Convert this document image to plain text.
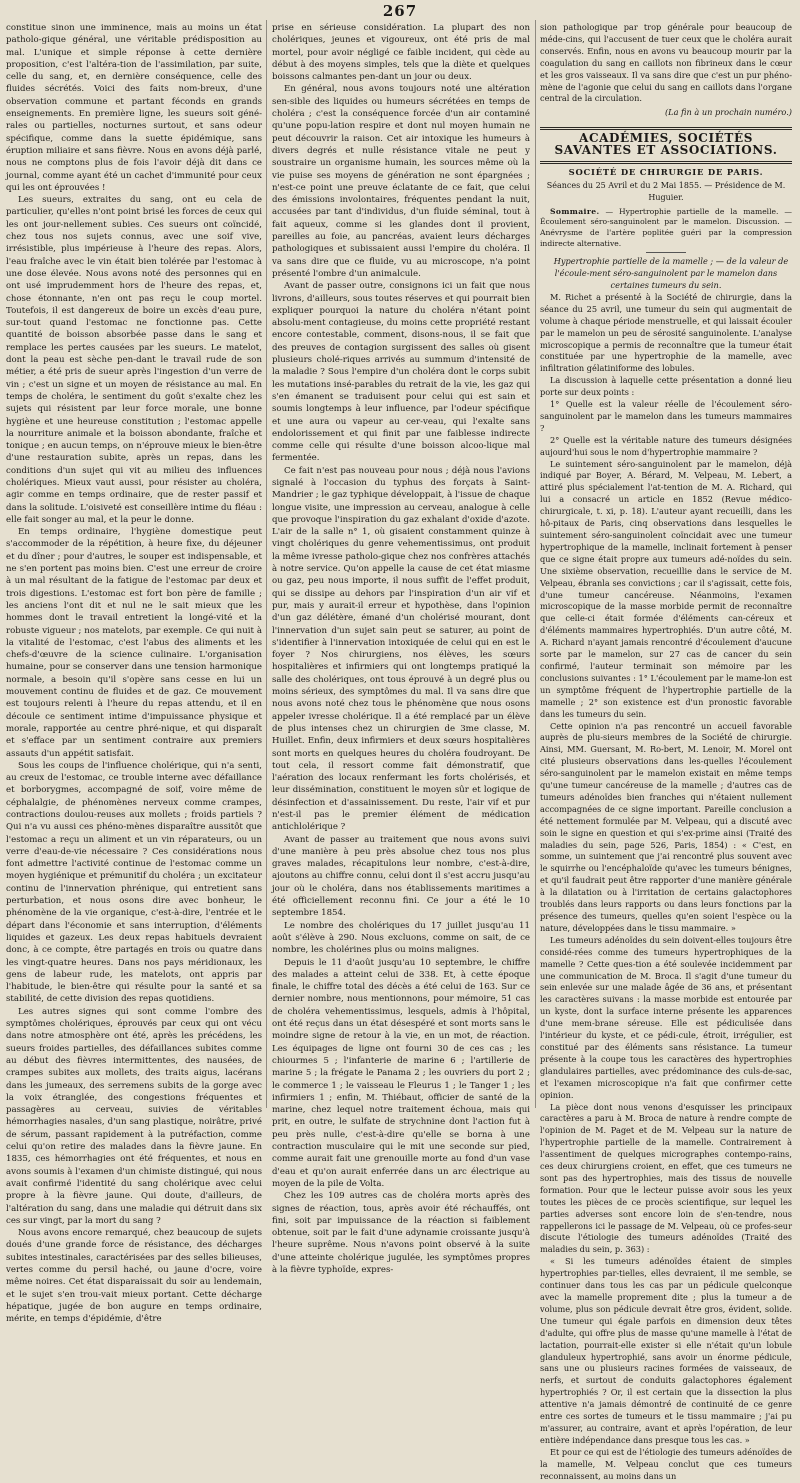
267

constitue sinon une imminence, mais au moins un état patholo-gique général, une véritable prédisposition au mal. L'unique et simple réponse à cette dernière proposition, c'est l'altéra-tion de l'assimilation, par suite, celle du sang, et, en dernière conséquence, celle des fluides sécrétés. Voici des faits nom-breux, d'une observation commune et partant féconds en grands enseignements. En première ligne, les sueurs soit géné-rales ou partielles, nocturnes surtout, et sans odeur spécifique, comme dans la suette épidémique, sans éruption miliaire et sans fièvre. Nous en avons déjà parlé, nous ne comptons plus de fois l'avoir déjà dit dans ce journal, comme ayant été un cachet d'immunité pour ceux qui les ont éprouvées !

Les sueurs, extraites du sang, ont eu cela de particulier, qu'elles n'ont point brisé les forces de ceux qui les ont jour-nellement subies. Ces sueurs ont coïncidé, chez tous nos sujets connus, avec une soif vive, irrésistible, plus impérieuse à l'heure des repas. Alors, l'eau fraîche avec le vin était bien tolérée par l'estomac à une dose élevée. Nous avons noté des personnes qui en ont usé imprudemment hors de l'heure des repas, et, chose étonnante, n'en ont pas reçu le coup mortel. Toutefois, il est dangereux de boire un excès d'eau pure, sur-tout quand l'estomac ne fonctionne pas. Cette quantité de boisson absorbée passe dans le sang et remplace les pertes causées par les sueurs. Le matelot, dont la peau est sèche pen-dant le travail rude de son métier, a été pris de sueur après l'ingestion d'un verre de vin ; c'est un signe et un moyen de résistance au mal. En temps de choléra, le sentiment du goût s'exalte chez les sujets qui résistent par leur force morale, une bonne hygiène et une heureuse constitution ; l'estomac appelle la nourriture animale et la boisson abondante, fraîche et tonique ; en aucun temps, on n'éprouve mieux le bien-être d'une restauration subite, après un repas, dans les conditions d'un sujet qui vit au milieu des influences cholériques. Mieux vaut aussi, pour résister au choléra, agir comme en temps ordinaire, que de rester passif et dans la solitude. L'oisiveté est conseillère intime du fléau : elle fait songer au mal, et la peur le donne.

En temps ordinaire, l'hygiène domestique peut s'accommoder de la répétition, à heure fixe, du déjeuner et du dîner ; pour d'autres, le souper est indispensable, et ne s'en portent pas moins bien. C'est une erreur de croire à un mal résultant de la fatigue de l'estomac par deux et trois digestions. L'estomac est fort bon père de famille ; les anciens l'ont dit et nul ne le sait mieux que les hommes dont le travail entretient la longé-vité et la robuste vigueur ; nos matelots, par exemple. Ce qui nuit à la vitalité de l'estomac, c'est l'abus des aliments et les chefs-d'œuvre de la science culinaire. L'organisation humaine, pour se conserver dans une tension harmonique normale, a besoin qu'il s'opère sans cesse en lui un mouvement continu de fluides et de gaz. Ce mouvement est toujours relenti à l'heure du repas attendu, et il en découle ce sentiment intime d'impuissance physique et morale, rapportée au centre phré-nique, et qui disparaît et s'efface par un sentiment contraire aux premiers assauts d'un appétit satisfait.

Sous les coups de l'influence cholérique, qui n'a senti, au creux de l'estomac, ce trouble interne avec défaillance et borborygmes, accompagné de soif, voire même de céphalalgie, de phénomènes nerveux comme crampes, contractions doulou-reuses aux mollets ; froids partiels ? Qui n'a vu aussi ces phéno-mènes disparaître aussitôt que l'estomac a reçu un aliment et un vin réparateurs, ou un verre d'eau-de-vie nécessaire ? Ces considérations nous font admettre l'activité continue de l'estomac comme un moyen hygiénique et prémunitif du choléra ; un excitateur continu de l'innervation phrénique, qui entretient sans perturbation, et nous osons dire avec bonheur, le phénomène de la vie organique, c'est-à-dire, l'entrée et le départ dans l'économie et sans interruption, d'éléments liquides et gazeux. Les deux repas habituels devraient donc, à ce compte, être partagés en trois ou quatre dans les vingt-quatre heures. Dans nos pays méridionaux, les gens de labeur rude, les matelots, ont appris par l'habitude, le bien-être qui résulte pour la santé et sa stabilité, de cette division des repas quotidiens.

Les autres signes qui sont comme l'ombre des symptômes cholériques, éprouvés par ceux qui ont vécu dans notre atmosphère ont été, après les précédens, les sueurs froides partielles, des défaillances subites comme au début des fièvres intermittentes, des nausées, de crampes subites aux mollets, des traits aigus, lacérans dans les jumeaux, des serremens subits de la gorge avec la voix étranglée, des congestions fréquentes et passagères au cerveau, suivies de véritables hémorrhagies nasales, d'un sang plastique, noirâtre, privé de sérum, passant rapidement à la putréfaction, comme celui qu'on retire des malades dans la fièvre jaune. En 1835, ces hémorrhagies ont été fréquentes, et nous en avons soumis à l'examen d'un chimiste distingué, qui nous avait confirmé l'identité du sang cholérique avec celui propre à la fièvre jaune. Qui doute, d'ailleurs, de l'altération du sang, dans une maladie qui détruit dans six ces sur vingt, par la mort du sang ?

Nous avons encore remarqué, chez beaucoup de sujets doués d'une grande force de résistance, des décharges subites intestinales, caractérisées par des selles bilieuses, vertes comme du persil haché, ou jaune d'ocre, voire même noires. Cet état disparaissait du soir au lendemain, et le sujet s'en trou-vait mieux portant. Cette décharge hépatique, jugée de bon augure en temps ordinaire, mérite, en temps d'épidémie, d'être

prise en sérieuse considération. La plupart des non cholériques, jeunes et vigoureux, ont été pris de mal mortel, pour avoir négligé ce faible incident, qui cède au début à des moyens simples, tels que la diète et quelques boissons calmantes pen-dant un jour ou deux.

En général, nous avons toujours noté une altération sen-sible des liquides ou humeurs sécrétées en temps de choléra ; c'est la conséquence forcée d'un air contaminé qu'une popu-lation respire et dont nul moyen humain ne peut découvrir la raison. Cet air intoxique les humeurs à divers degrés et nulle résistance vitale ne peut y soustraire un organisme humain, les sources même où la vie puise ses moyens de génération ne sont épargnées ; n'est-ce point une preuve éclatante de ce fait, que celui des émissions involontaires, fréquentes pendant la nuit, accusées par tant d'individus, d'un fluide séminal, tout à fait aqueux, comme si les glandes dont il provient, pareilles au foie, au pancréas, avaient leurs décharges pathologiques et subissaient aussi l'empire du choléra. Il va sans dire que ce fluide, vu au microscope, n'a point présenté l'ombre d'un animalcule.

Avant de passer outre, consignons ici un fait que nous livrons, d'ailleurs, sous toutes réserves et qui pourrait bien expliquer pourquoi la nature du choléra n'étant point absolu-ment contagieuse, du moins cette propriété restant encore contestable, comment, disons-nous, il se fait que des preuves de contagion surgissent des salles où gisent plusieurs cholé-riques arrivés au summum d'intensité de la maladie ? Sous l'empire d'un choléra dont le corps subit les mutations insé-parables du retrait de la vie, les gaz qui s'en émanent se traduisent pour celui qui est sain et soumis longtemps à leur influence, par l'odeur spécifique et une aura ou vapeur au cer-veau, qui l'exalte sans endolorissement et qui finit par une faiblesse indirecte comme celle qui résulte d'une boisson alcoo-lique mal fermentée.

Ce fait n'est pas nouveau pour nous ; déjà nous l'avions signalé à l'occasion du typhus des forçats à Saint-Mandrier ; le gaz typhique développait, à l'issue de chaque longue visite, une impression au cerveau, analogue à celle que provoque l'inspiration du gaz exhalant d'oxide d'azote. L'air de la salle n° 1, où gisaient constamment quinze à vingt cholériques du genre vehementissimus, ont produit la même ivresse patholo-gique chez nos confrères attachés à notre service. Qu'on appelle la cause de cet état miasme ou gaz, peu nous importe, il nous suffit de l'effet produit, qui se dissipe au dehors par l'inspiration d'un air vif et pur, mais y aurait-il erreur et hypothèse, dans l'opinion d'un gaz délétère, émané d'un cholérisé mourant, dont l'innervation d'un sujet sain peut se saturer, au point de s'identifier à l'innervation intoxiquée de celui qui en est le foyer ? Nos chirurgiens, nos élèves, les sœurs hospitalières et infirmiers qui ont longtemps pratiqué la salle des cholériques, ont tous éprouvé à un degré plus ou moins sérieux, des symptômes du mal. Il va sans dire que nous avons noté chez tous le phénomène que nous osons appeler ivresse cholérique. Il a été remplacé par un élève de plus intenses chez un chirurgien de 3me classe, M. Huillet. Enfin, deux infirmiers et deux sœurs hospitalières sont morts en quelques heures du choléra foudroyant. De tout cela, il ressort comme fait démonstratif, que l'aération des locaux renfermant les forts cholérisés, et leur dissémination, constituent le moyen sûr et logique de désinfection et d'assainissement. Du reste, l'air vif et pur n'est-il pas le premier élément de médication antichlolérique ?

Avant de passer au traitement que nous avons suivi d'une manière à peu près absolue chez tous nos plus graves malades, récapitulons leur nombre, c'est-à-dire, ajoutons au chiffre connu, celui dont il s'est accru jusqu'au jour où le choléra, dans nos établissements maritimes a été officiellement reconnu fini. Ce jour a été le 10 septembre 1854.

Le nombre des cholériques du 17 juillet jusqu'au 11 août s'élève à 290. Nous excluons, comme on sait, de ce nombre, les cholérines plus ou moins malignes.

Depuis le 11 d'août jusqu'au 10 septembre, le chiffre des malades a atteint celui de 338. Et, à cette époque finale, le chiffre total des décès a été celui de 163. Sur ce dernier nombre, nous mentionnons, pour mémoire, 51 cas de choléra vehementissimus, lesquels, admis à l'hôpital, ont été reçus dans un état désespéré et sont morts sans le moindre signe de retour à la vie, en un mot, de réaction. Les équipages de ligne ont fourni 30 de ces cas ; les chiourmes 5 ; l'infanterie de marine 6 ; l'artillerie de marine 5 ; la frégate le Panama 2 ; les ouvriers du port 2 ; le commerce 1 ; le vaisseau le Fleurus 1 ; le Tanger 1 ; les infirmiers 1 ; enfin, M. Thiébaut, officier de santé de la marine, chez lequel notre traitement échoua, mais qui prit, en outre, le sulfate de strychnine dont l'action fut à peu près nulle, c'est-à-dire qu'elle se borna à une contraction musculaire qui le mit une seconde sur pied, comme aurait fait une grenouille morte au fond d'un vase d'eau et qu'on aurait enferrée dans un arc électrique au moyen de la pile de Volta.

Chez les 109 autres cas de choléra morts après des signes de réaction, tous, après avoir été réchauffés, ont fini, soit par impuissance de la réaction si faiblement obtenue, soit par le fait d'une adynamie croissante jusqu'à l'heure suprême. Nous n'avons point observé à la suite d'une atteinte cholérique jugulée, les symptômes propres à la fièvre typhoïde, expres-

sion pathologique par trop générale pour beaucoup de méde-cins, qui l'accusent de tuer ceux que le choléra aurait conservés. Enfin, nous en avons vu beaucoup mourir par la coagulation du sang en caillots non fibrineux dans le cœur et les gros vaisseaux. Il va sans dire que c'est un pur phéno-mène de l'agonie que celui du sang en caillots dans l'organe central de la circulation.

(La fin à un prochain numéro.)
ACADÉMIES, SOCIÉTÉS SAVANTES ET ASSOCIATIONS.
SOCIÉTÉ DE CHIRURGIE DE PARIS.
Séances du 25 Avril et du 2 Mai 1855. — Présidence de M. Huguier.

Sommaire. — Hypertrophie partielle de la mamelle. — Écoulement séro-sanguinolent par le mamelon. Discussion. — Anévrysme de l'artère poplitée guéri par la compression indirecte alternative.

Hypertrophie partielle de la mamelle ; — de la valeur de l'écoule-ment séro-sanguinolent par le mamelon dans certaines tumeurs du sein.

M. Richet a présenté à la Société de chirurgie, dans la séance du 25 avril, une tumeur du sein qui augmentait de volume à chaque période menstruelle, et qui laissait écouler par le mamelon un peu de sérosité sanguinolente. L'analyse microscopique a permis de reconnaître que la tumeur était constituée par une hypertrophie de la mamelle, avec infiltration gélatiniforme des lobules.

La discussion à laquelle cette présentation a donné lieu porte sur deux points :

1° Quelle est la valeur réelle de l'écoulement séro-sanguinolent par le mamelon dans les tumeurs mammaires ?

2° Quelle est la véritable nature des tumeurs désignées aujourd'hui sous le nom d'hypertrophie mammaire ?

Le suintement séro-sanguinolent par le mamelon, déjà indiqué par Boyer, A. Bérard, M. Velpeau, M. Lebert, a attiré plus spécialement l'at-tention de M. A. Richard, qui lui a consacré un article en 1852 (Revue médico-chirurgicale, t. xi, p. 18). L'auteur ayant recueilli, dans les hô-pitaux de Paris, cinq observations dans lesquelles le suintement séro-sanguinolent coïncidait avec une tumeur hypertrophique de la mamelle, inclinait fortement à penser que ce signe était propre aux tumeurs adé-noïdes du sein. Une sixième observation, recueillie dans le service de M. Velpeau, ébranla ses convictions ; car il s'agissait, cette fois, d'une tumeur cancéreuse. Néanmoins, l'examen microscopique de la masse morbide permit de reconnaître que celle-ci était formée d'éléments can-céreux et d'éléments mammaires hypertrophiés. D'un autre côté, M. A. Richard n'ayant jamais rencontré d'écoulement d'aucune sorte par le mamelon, sur 27 cas de cancer du sein confirmé, l'auteur terminait son mémoire par les conclusions suivantes : 1° L'écoulement par le mame-lon est un symptôme fréquent de l'hypertrophie partielle de la mamelle ; 2° son existence est d'un pronostic favorable dans les tumeurs du sein.

Cette opinion n'a pas rencontré un accueil favorable auprès de plu-sieurs membres de la Société de chirurgie. Ainsi, MM. Guersant, M. Ro-bert, M. Lenoir, M. Morel ont cité plusieurs observations dans les-quelles l'écoulement séro-sanguinolent par le mamelon existait en même temps qu'une tumeur cancéreuse de la mamelle ; d'autres cas de tumeurs adénoïdes bien franches qui n'étaient nullement accompagnées de ce signe important. Pareille conclusion a été nettement formulée par M. Velpeau, qui a discuté avec soin le signe en question et qui s'ex-prime ainsi (Traité des maladies du sein, page 526, Paris, 1854) : « C'est, en somme, un suintement que j'ai rencontré plus souvent avec le squirrhe ou l'encéphaloïde qu'avec les tumeurs bénignes, et qu'il faudrait peut être rapporter d'une manière générale à la dilatation ou à l'irritation de certains galactophores troublés dans leurs rapports ou dans leurs fonctions par la présence des tumeurs, quelles qu'en soient l'espèce ou la nature, développées dans le tissu mammaire. »

Les tumeurs adénoïdes du sein doivent-elles toujours être considé-rées comme des tumeurs hypertrophiques de la mamelle ? Cette ques-tion a été soulevée incidemment par une communication de M. Broca. Il s'agit d'une tumeur du sein enlevée sur une malade âgée de 36 ans, et présentant les caractères suivans : la masse morbide est entourée par un kyste, dont la surface interne présente les apparences d'une mem-brane séreuse. Elle est pédiculisée dans l'intérieur du kyste, et ce pédi-cule, étroit, irrégulier, est constitué par des éléments sans résistance. La tumeur présente à la coupe tous les caractères des hypertrophies glandulaires partielles, avec prédominance des culs-de-sac, et l'examen microscopique n'a fait que confirmer cette opinion.

La pièce dont nous venons d'esquisser les principaux caractères a paru à M. Broca de nature à rendre compte de l'opinion de M. Paget et de M. Velpeau sur la nature de l'hypertrophie partielle de la mamelle. Contrairement à l'assentiment de quelques micrographes contempo-rains, ces deux chirurgiens croient, en effet, que ces tumeurs ne sont pas des hypertrophies, mais des tissus de nouvelle formation. Pour que le lecteur puisse avoir sous les yeux toutes les pièces de ce procès scientifique, sur lequel les parties adverses sont encore loin de s'en-tendre, nous rappellerons ici le passage de M. Velpeau, où ce profes-seur discute l'étiologie des tumeurs adénoïdes (Traité des maladies du sein, p. 363) :

« Si les tumeurs adénoïdes étaient de simples hypertrophies par-tielles, elles devraient, il me semble, se continuer dans tous les cas par un pédicule quelconque avec la mamelle proprement dite ; plus la tumeur a de volume, plus son pédicule devrait être gros, évident, solide. Une tumeur qui égale parfois en dimension deux têtes d'adulte, qui offre plus de masse qu'une mamelle à l'état de lactation, pourrait-elle exister si elle n'était qu'un lobule glanduleux hypertrophié, sans avoir un énorme pédicule, sans une ou plusieurs racines formées de vaisseaux, de nerfs, et surtout de conduits galactophores également hypertrophiés ? Or, il est certain que la dissection la plus attentive n'a jamais démontré de continuité de ce genre entre ces sortes de tumeurs et le tissu mammaire ; j'ai pu m'assurer, au contraire, avant et après l'opération, de leur entière indépendance dans presque tous les cas. »

Et pour ce qui est de l'étiologie des tumeurs adénoïdes de la mamelle, M. Velpeau conclut que ces tumeurs reconnaissent, au moins dans un
